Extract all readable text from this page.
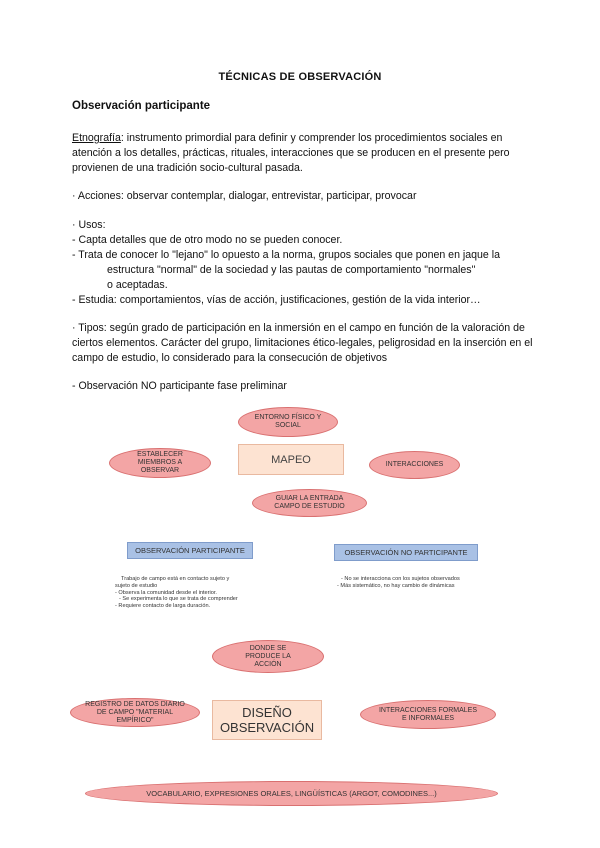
TÉCNICAS DE OBSERVACIÓN
Observación participante

Etnografía: instrumento primordial para definir y comprender los procedimientos sociales en atención a los detalles, prácticas, rituales, interacciones que se producen en el presente pero provienen de una tradición socio-cultural pasada.

· Acciones: observar contemplar, dialogar, entrevistar, participar, provocar

· Usos:
- Capta detalles que de otro modo no se pueden conocer.
- Trata de conocer lo "lejano" lo opuesto a la norma, grupos sociales que ponen en jaque la
estructura "normal" de la sociedad y las pautas de comportamiento "normales"
o aceptadas.
- Estudia: comportamientos, vías de acción, justificaciones, gestión de la vida interior…

· Tipos: según grado de participación en la inmersión en el campo en función de la valoración de ciertos elementos. Carácter del grupo, limitaciones ético-legales, peligrosidad en la inserción en el campo de estudio, lo considerado para la consecución de objetivos

- Observación NO participante fase preliminar

ENTORNO FÍSICO Y SOCIAL
ESTABLECER MIEMBROS A OBSERVAR
MAPEO	INTERACCIONES
GUIAR LA ENTRADA CAMPO DE ESTUDIO
OBSERVACIÓN PARTICIPANTE	OBSERVACIÓN NO PARTICIPANTE
Trabajo de campo está en contacto sujeto y
sujeto de estudio
- Observa la comunidad desde el interior.
- Se experimenta lo que se trata de comprender
- Requiere contacto de larga duración.
- No se interacciona con los sujetos observados
- Más sistemático, no hay cambio de dinámicas
DONDE SE PRODUCE LA ACCIÓN
REGISTRO DE DATOS DIARIO DE CAMPO "MATERIAL EMPÍRICO"	DISEÑO OBSERVACIÓN
INTERACCIONES FORMALES E INFORMALES
VOCABULARIO, EXPRESIONES ORALES, LINGÜÍSTICAS (ARGOT, COMODINES...)
